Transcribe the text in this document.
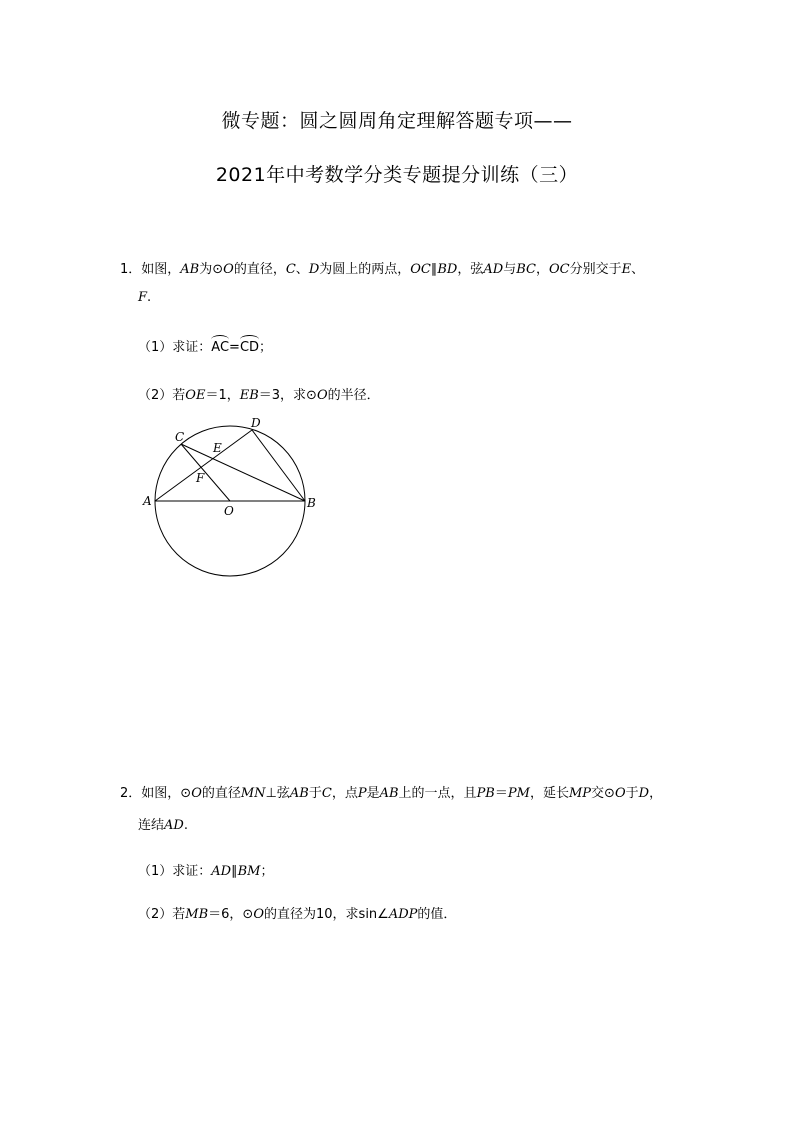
微专题：圆之圆周角定理解答题专项——
2021年中考数学分类专题提分训练（三）
1．如图，AB为⊙O的直径，C、D为圆上的两点，OC∥BD，弦AD与BC，OC分别交于E、
F.
（1）求证：AC=CD；
（2）若OE＝1，EB＝3，求⊙O的半径．
A	B
C
D
E
F
O
2．如图，⊙O的直径MN⊥弦AB于C，点P是AB上的一点，且PB＝PM，延长MP交⊙O于D，
连结AD.
（1）求证：AD∥BM；
（2）若MB＝6，⊙O的直径为10，求sin∠ADP的值．
